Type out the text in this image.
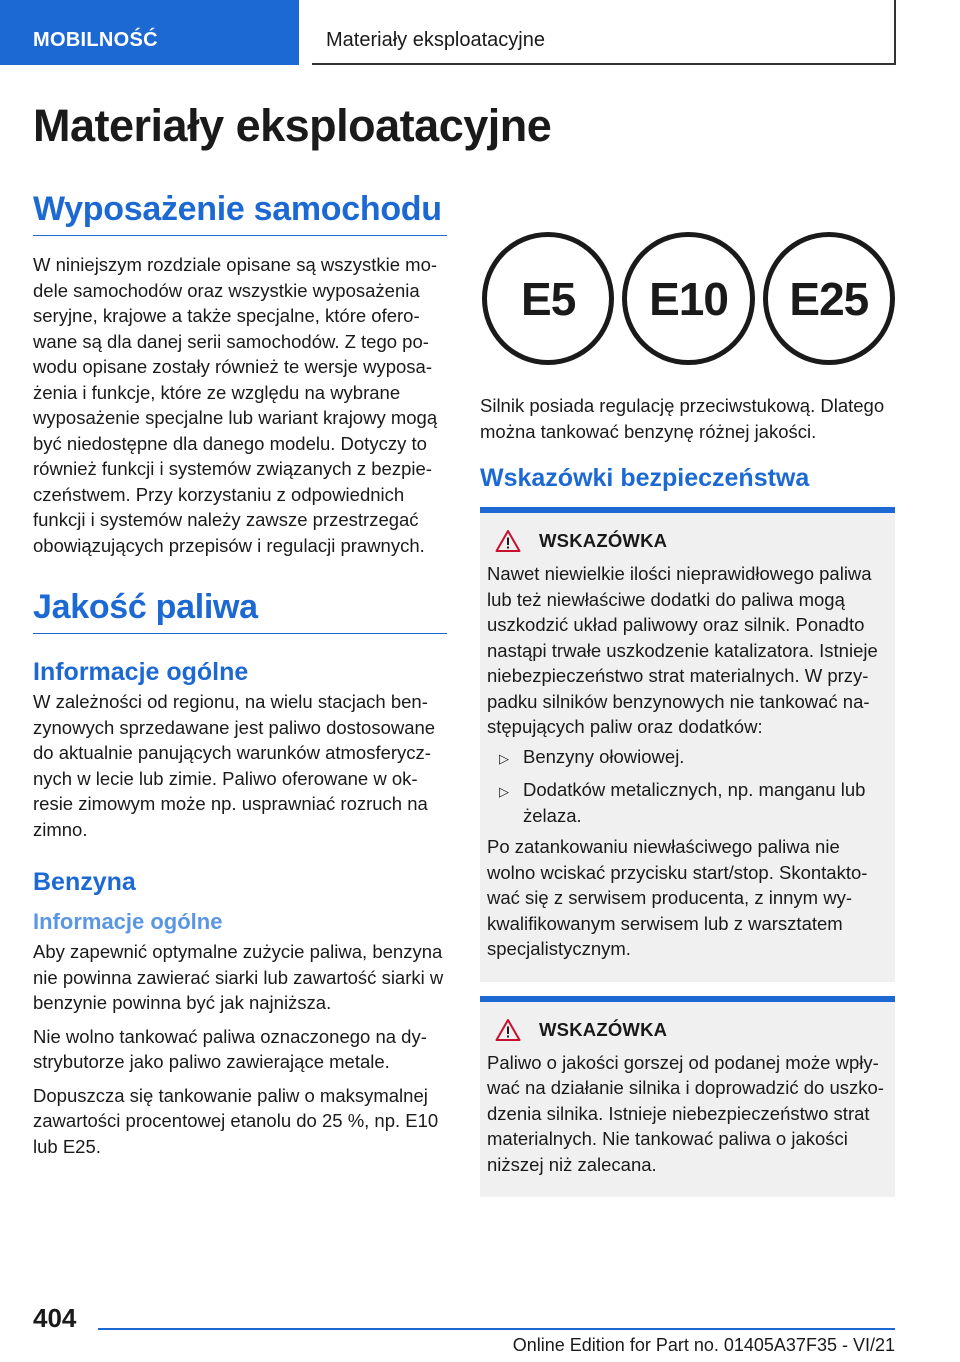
MOBILNOŚĆ	Materiały eksploatacyjne
Materiały eksploatacyjne
Wyposażenie samochodu

W niniejszym rozdziale opisane są wszystkie modele samochodów oraz wszystkie wyposażenia seryjne, krajowe a także specjalne, które oferowane są dla danej serii samochodów. Z tego powodu opisane zostały również te wersje wyposażenia i funkcje, które ze względu na wybrane wyposażenie specjalne lub wariant krajowy mogą być niedostępne dla danego modelu. Dotyczy to również funkcji i systemów związanych z bezpieczeństwem. Przy korzystaniu z odpowiednich funkcji i systemów należy zawsze przestrzegać obowiązujących przepisów i regulacji prawnych.

Jakość paliwa
Informacje ogólne

W zależności od regionu, na wielu stacjach benzynowych sprzedawane jest paliwo dostosowane do aktualnie panujących warunków atmosferycznych w lecie lub zimie. Paliwo oferowane w okresie zimowym może np. usprawniać rozruch na zimno.

Benzyna
Informacje ogólne

Aby zapewnić optymalne zużycie paliwa, benzyna nie powinna zawierać siarki lub zawartość siarki w benzynie powinna być jak najniższa.

Nie wolno tankować paliwa oznaczonego na dystrybutorze jako paliwo zawierające metale.

Dopuszcza się tankowanie paliw o maksymalnej zawartości procentowej etanolu do 25 %, np. E10 lub E25.

E5	E10	E25

Silnik posiada regulację przeciwstukową. Dlatego można tankować benzynę różnej jakości.

Wskazówki bezpieczeństwa
WSKAZÓWKA

Nawet niewielkie ilości nieprawidłowego paliwa lub też niewłaściwe dodatki do paliwa mogą uszkodzić układ paliwowy oraz silnik. Ponadto nastąpi trwałe uszkodzenie katalizatora. Istnieje niebezpieczeństwo strat materialnych. W przypadku silników benzynowych nie tankować następujących paliw oraz dodatków:

▷ Benzyny ołowiowej.
▷ Dodatków metalicznych, np. manganu lub żelaza.

Po zatankowaniu niewłaściwego paliwa nie wolno wciskać przycisku start/stop. Skontaktować się z serwisem producenta, z innym wykwalifikowanym serwisem lub z warsztatem specjalistycznym.

WSKAZÓWKA

Paliwo o jakości gorszej od podanej może wpływać na działanie silnika i doprowadzić do uszkodzenia silnika. Istnieje niebezpieczeństwo strat materialnych. Nie tankować paliwa o jakości niższej niż zalecana.

404
Online Edition for Part no. 01405A37F35 - VI/21
